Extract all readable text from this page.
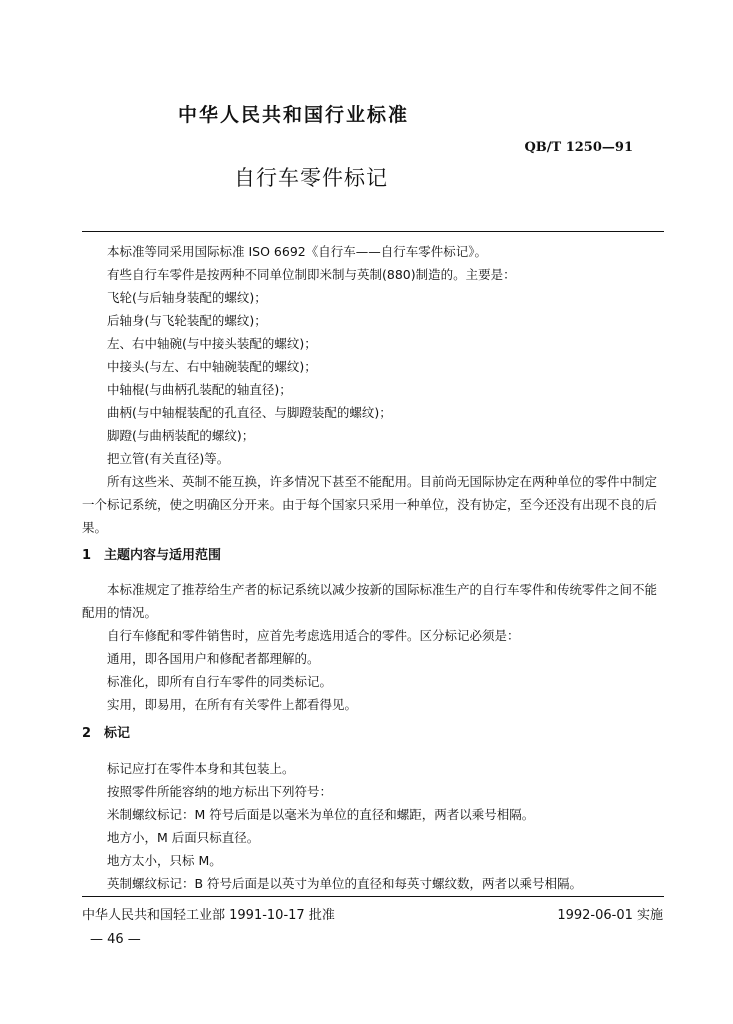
中华人民共和国行业标准
QB/T 1250—91
自行车零件标记
本标准等同采用国际标准 ISO 6692《自行车——自行车零件标记》。
有些自行车零件是按两种不同单位制即米制与英制(880)制造的。主要是：
飞轮(与后轴身装配的螺纹)；
后轴身(与飞轮装配的螺纹)；
左、右中轴碗(与中接头装配的螺纹)；
中接头(与左、右中轴碗装配的螺纹)；
中轴棍(与曲柄孔装配的轴直径)；
曲柄(与中轴棍装配的孔直径、与脚蹬装配的螺纹)；
脚蹬(与曲柄装配的螺纹)；
把立管(有关直径)等。
所有这些米、英制不能互换，许多情况下甚至不能配用。目前尚无国际协定在两种单位的零件中制定一个标记系统，使之明确区分开来。由于每个国家只采用一种单位，没有协定，至今还没有出现不良的后果。
1 主题内容与适用范围
本标准规定了推荐给生产者的标记系统以减少按新的国际标准生产的自行车零件和传统零件之间不能配用的情况。
自行车修配和零件销售时，应首先考虑选用适合的零件。区分标记必须是：
通用，即各国用户和修配者都理解的。
标准化，即所有自行车零件的同类标记。
实用，即易用，在所有有关零件上都看得见。
2 标记
标记应打在零件本身和其包装上。
按照零件所能容纳的地方标出下列符号：
米制螺纹标记：M 符号后面是以毫米为单位的直径和螺距，两者以乘号相隔。
地方小，M 后面只标直径。
地方太小，只标 M。
英制螺纹标记：B 符号后面是以英寸为单位的直径和每英寸螺纹数，两者以乘号相隔。
中华人民共和国轻工业部 1991-10-17 批准	1992-06-01 实施
— 46 —
